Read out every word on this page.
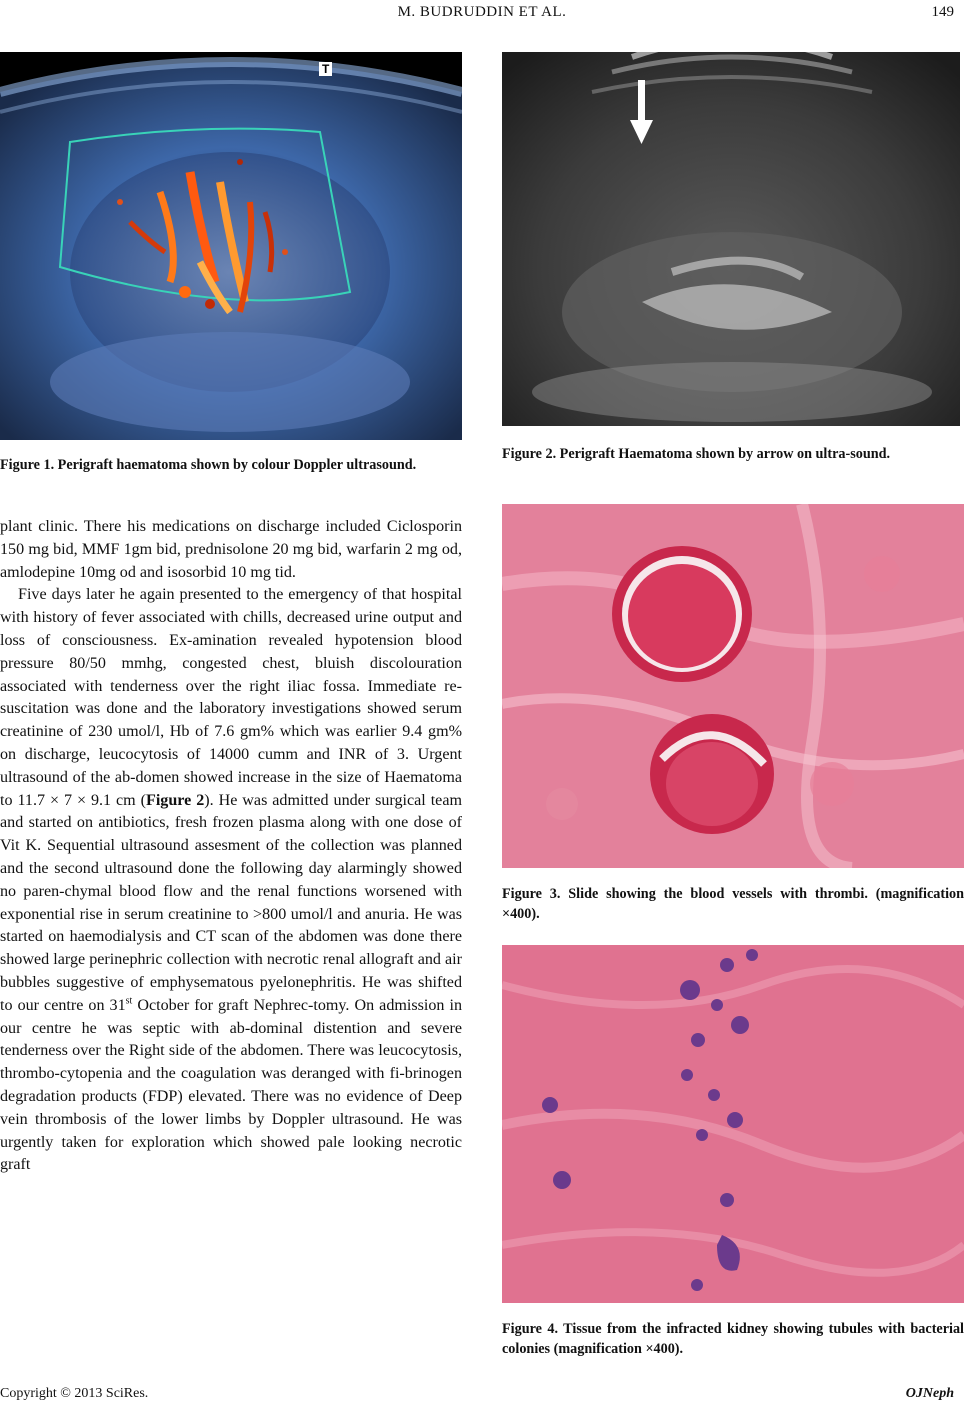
M. BUDRUDDIN ET AL.	149
T
Figure 1. Perigraft haematoma shown by colour Doppler ultrasound.

plant clinic. There his medications on discharge included Ciclosporin 150 mg bid, MMF 1gm bid, prednisolone 20 mg bid, warfarin 2 mg od, amlodepine 10mg od and isosorbid 10 mg tid.

Five days later he again presented to the emergency of that hospital with history of fever associated with chills, decreased urine output and loss of consciousness. Ex-amination revealed hypotension blood pressure 80/50 mmhg, congested chest, bluish discolouration associated with tenderness over the right iliac fossa. Immediate re-suscitation was done and the laboratory investigations showed serum creatinine of 230 umol/l, Hb of 7.6 gm% which was earlier 9.4 gm% on discharge, leucocytosis of 14000 cumm and INR of 3. Urgent ultrasound of the ab-domen showed increase in the size of Haematoma to 11.7 × 7 × 9.1 cm (Figure 2). He was admitted under surgical team and started on antibiotics, fresh frozen plasma along with one dose of Vit K. Sequential ultrasound assesment of the collection was planned and the second ultrasound done the following day alarmingly showed no paren-chymal blood flow and the renal functions worsened with exponential rise in serum creatinine to >800 umol/l and anuria. He was started on haemodialysis and CT scan of the abdomen was done there showed large perinephric collection with necrotic renal allograft and air bubbles suggestive of emphysematous pyelonephritis. He was shifted to our centre on 31st October for graft Nephrec-tomy. On admission in our centre he was septic with ab-dominal distention and severe tenderness over the Right side of the abdomen. There was leucocytosis, thrombo-cytopenia and the coagulation was deranged with fi-brinogen degradation products (FDP) elevated. There was no evidence of Deep vein thrombosis of the lower limbs by Doppler ultrasound. He was urgently taken for exploration which showed pale looking necrotic graft

Figure 2. Perigraft Haematoma shown by arrow on ultra-sound.
Figure 3. Slide showing the blood vessels with thrombi. (magnification ×400).
Figure 4. Tissue from the infracted kidney showing tubules with bacterial colonies (magnification ×400).
Copyright © 2013 SciRes.	OJNeph
